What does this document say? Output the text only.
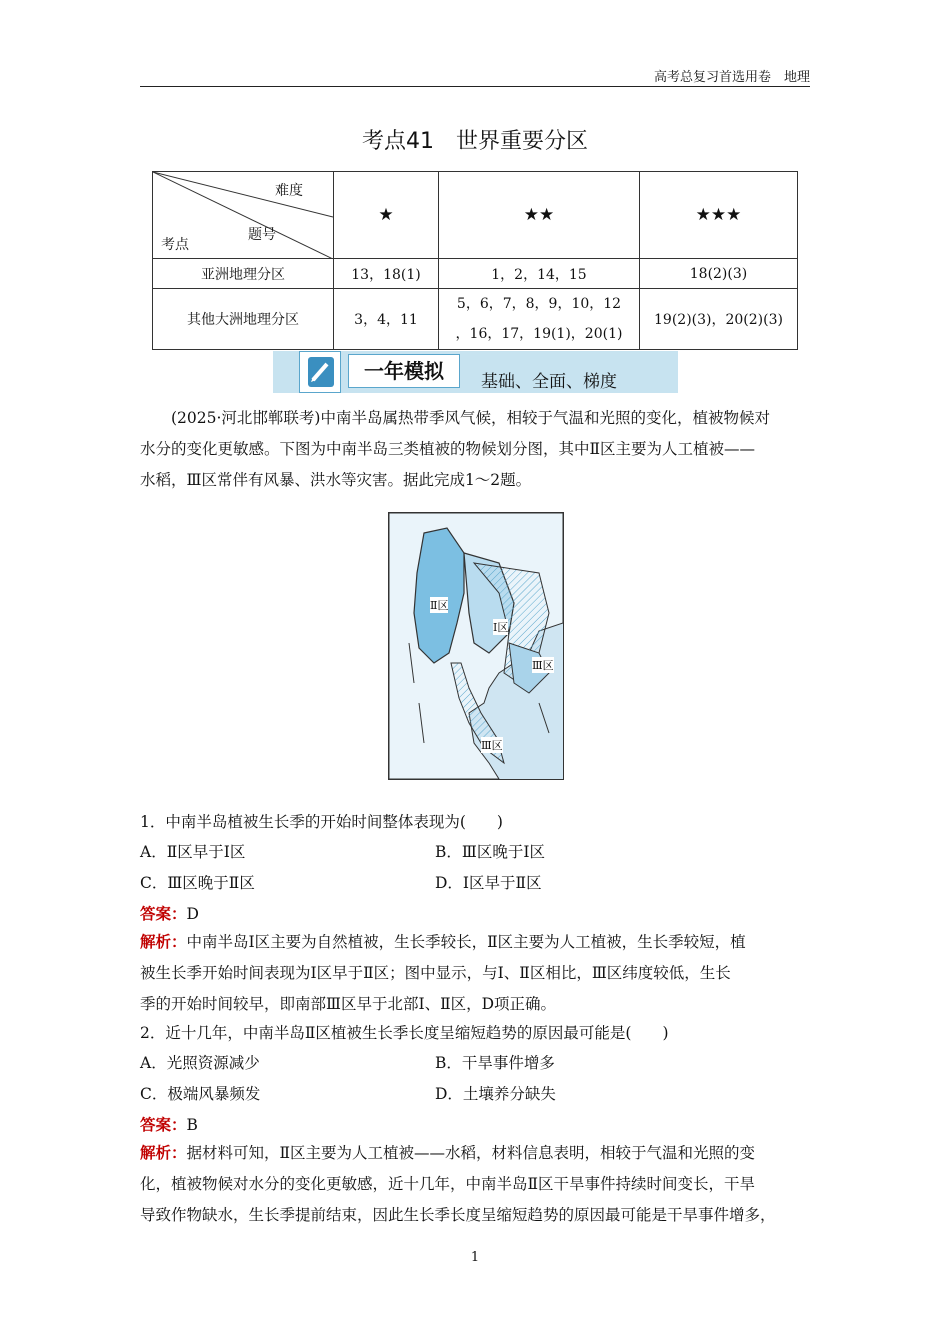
高考总复习首选用卷　地理
考点41　世界重要分区
难度
题号
考点	★	★★	★★★
亚洲地理分区	13，18(1)	1，2，14，15	18(2)(3)
其他大洲地理分区	3，4，11	5，6，7，8，9，10，12
，16，17，19(1)，20(1)	19(2)(3)，20(2)(3)
一年模拟	基础、全面、梯度
(2025·河北邯郸联考)中南半岛属热带季风气候，相较于气温和光照的变化，植被物候对
水分的变化更敏感。下图为中南半岛三类植被的物候划分图，其中Ⅱ区主要为人工植被——
水稻，Ⅲ区常伴有风暴、洪水等灾害。据此完成1～2题。
Ⅱ区
Ⅰ区
Ⅲ区
Ⅲ区
1．中南半岛植被生长季的开始时间整体表现为(　　)
A．Ⅱ区早于Ⅰ区	B．Ⅲ区晚于Ⅰ区
C．Ⅲ区晚于Ⅱ区	D．Ⅰ区早于Ⅱ区
答案：D
解析：中南半岛Ⅰ区主要为自然植被，生长季较长，Ⅱ区主要为人工植被，生长季较短，植
被生长季开始时间表现为Ⅰ区早于Ⅱ区；图中显示，与Ⅰ、Ⅱ区相比，Ⅲ区纬度较低，生长
季的开始时间较早，即南部Ⅲ区早于北部Ⅰ、Ⅱ区，D项正确。
2．近十几年，中南半岛Ⅱ区植被生长季长度呈缩短趋势的原因最可能是(　　)
A．光照资源减少	B．干旱事件增多
C．极端风暴频发	D．土壤养分缺失
答案：B
解析：据材料可知，Ⅱ区主要为人工植被——水稻，材料信息表明，相较于气温和光照的变
化，植被物候对水分的变化更敏感，近十几年，中南半岛Ⅱ区干旱事件持续时间变长，干旱
导致作物缺水，生长季提前结束，因此生长季长度呈缩短趋势的原因最可能是干旱事件增多，
1
